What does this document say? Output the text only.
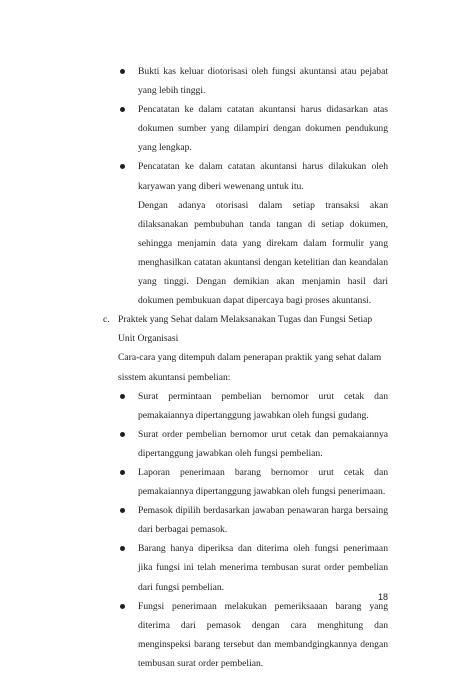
Bukti kas keluar diotorisasi oleh fungsi akuntansi atau pejabat yang lebih tinggi.
Pencatatan ke dalam catatan akuntansi harus didasarkan atas dokumen sumber yang dilampiri dengan dokumen pendukung yang lengkap.
Pencatatan ke dalam catatan akuntansi harus dilakukan oleh karyawan yang diberi wewenang untuk itu.
Dengan adanya otorisasi dalam setiap transaksi akan dilaksanakan pembubuhan tanda tangan di setiap dokumen, sehingga menjamin data yang direkam dalam formulir yang menghasilkan catatan akuntansi dengan ketelitian dan keandalan yang tinggi. Dengan demikian akan menjamin hasil dari dokumen pembukuan dapat dipercaya bagi proses akuntansi.
c. Praktek yang Sehat dalam Melaksanakan Tugas dan Fungsi Setiap Unit Organisasi
Cara-cara yang ditempuh dalam penerapan praktik yang sehat dalam sisstem akuntansi pembelian:
Surat permintaan pembelian bernomor urut cetak dan pemakaiannya dipertanggung jawabkan oleh fungsi gudang.
Surat order pembelian bernomor urut cetak dan pemakaiannya dipertanggung jawabkan oleh fungsi pembelian.
Laporan penerimaan barang bernomor urut cetak dan pemakaiannya dipertanggung jawabkan oleh fungsi penerimaan.
Pemasok dipilih berdasarkan jawaban penawaran harga bersaing dari berbagai pemasok.
Barang hanya diperiksa dan diterima oleh fungsi penerimaan jika fungsi ini telah menerima tembusan surat order pembelian dari fungsi pembelian.
Fungsi penerimaan melakukan pemeriksaaan barang yang diterima dari pemasok dengan cara menghitung dan menginspeksi barang tersebut dan membandgingkannya dengan tembusan surat order pembelian.
18
